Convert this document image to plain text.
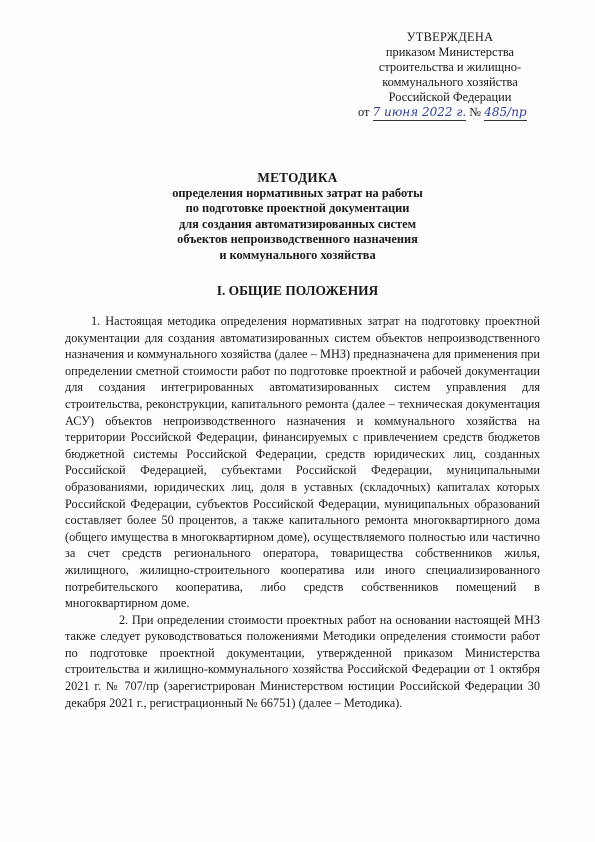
УТВЕРЖДЕНА
приказом Министерства
строительства и жилищно-
коммунального хозяйства
Российской Федерации
от 7 июня 2022 г. № 485/пр
МЕТОДИКА
определения нормативных затрат на работы
по подготовке проектной документации
для создания автоматизированных систем
объектов непроизводственного назначения
и коммунального хозяйства
I. ОБЩИЕ ПОЛОЖЕНИЯ

1. Настоящая методика определения нормативных затрат на подготовку проектной документации для создания автоматизированных систем объектов непроизводственного назначения и коммунального хозяйства (далее – МНЗ) предназначена для применения при определении сметной стоимости работ по подготовке проектной и рабочей документации для создания интегрированных автоматизированных систем управления для строительства, реконструкции, капитального ремонта (далее – техническая документация АСУ) объектов непроизводственного назначения и коммунального хозяйства на территории Российской Федерации, финансируемых с привлечением средств бюджетов бюджетной системы Российской Федерации, средств юридических лиц, созданных Российской Федерацией, субъектами Российской Федерации, муниципальными образованиями, юридических лиц, доля в уставных (складочных) капиталах которых Российской Федерации, субъектов Российской Федерации, муниципальных образований составляет более 50 процентов, а также капитального ремонта многоквартирного дома (общего имущества в многоквартирном доме), осуществляемого полностью или частично за счет средств регионального оператора, товарищества собственников жилья, жилищного, жилищно-строительного кооператива или иного специализированного потребительского кооператива, либо средств собственников помещений в многоквартирном доме.

2. При определении стоимости проектных работ на основании настоящей МНЗ также следует руководствоваться положениями Методики определения стоимости работ по подготовке проектной документации, утвержденной приказом Министерства строительства и жилищно-коммунального хозяйства Российской Федерации от 1 октября 2021 г. № 707/пр (зарегистрирован Министерством юстиции Российской Федерации 30 декабря 2021 г., регистрационный № 66751) (далее – Методика).
